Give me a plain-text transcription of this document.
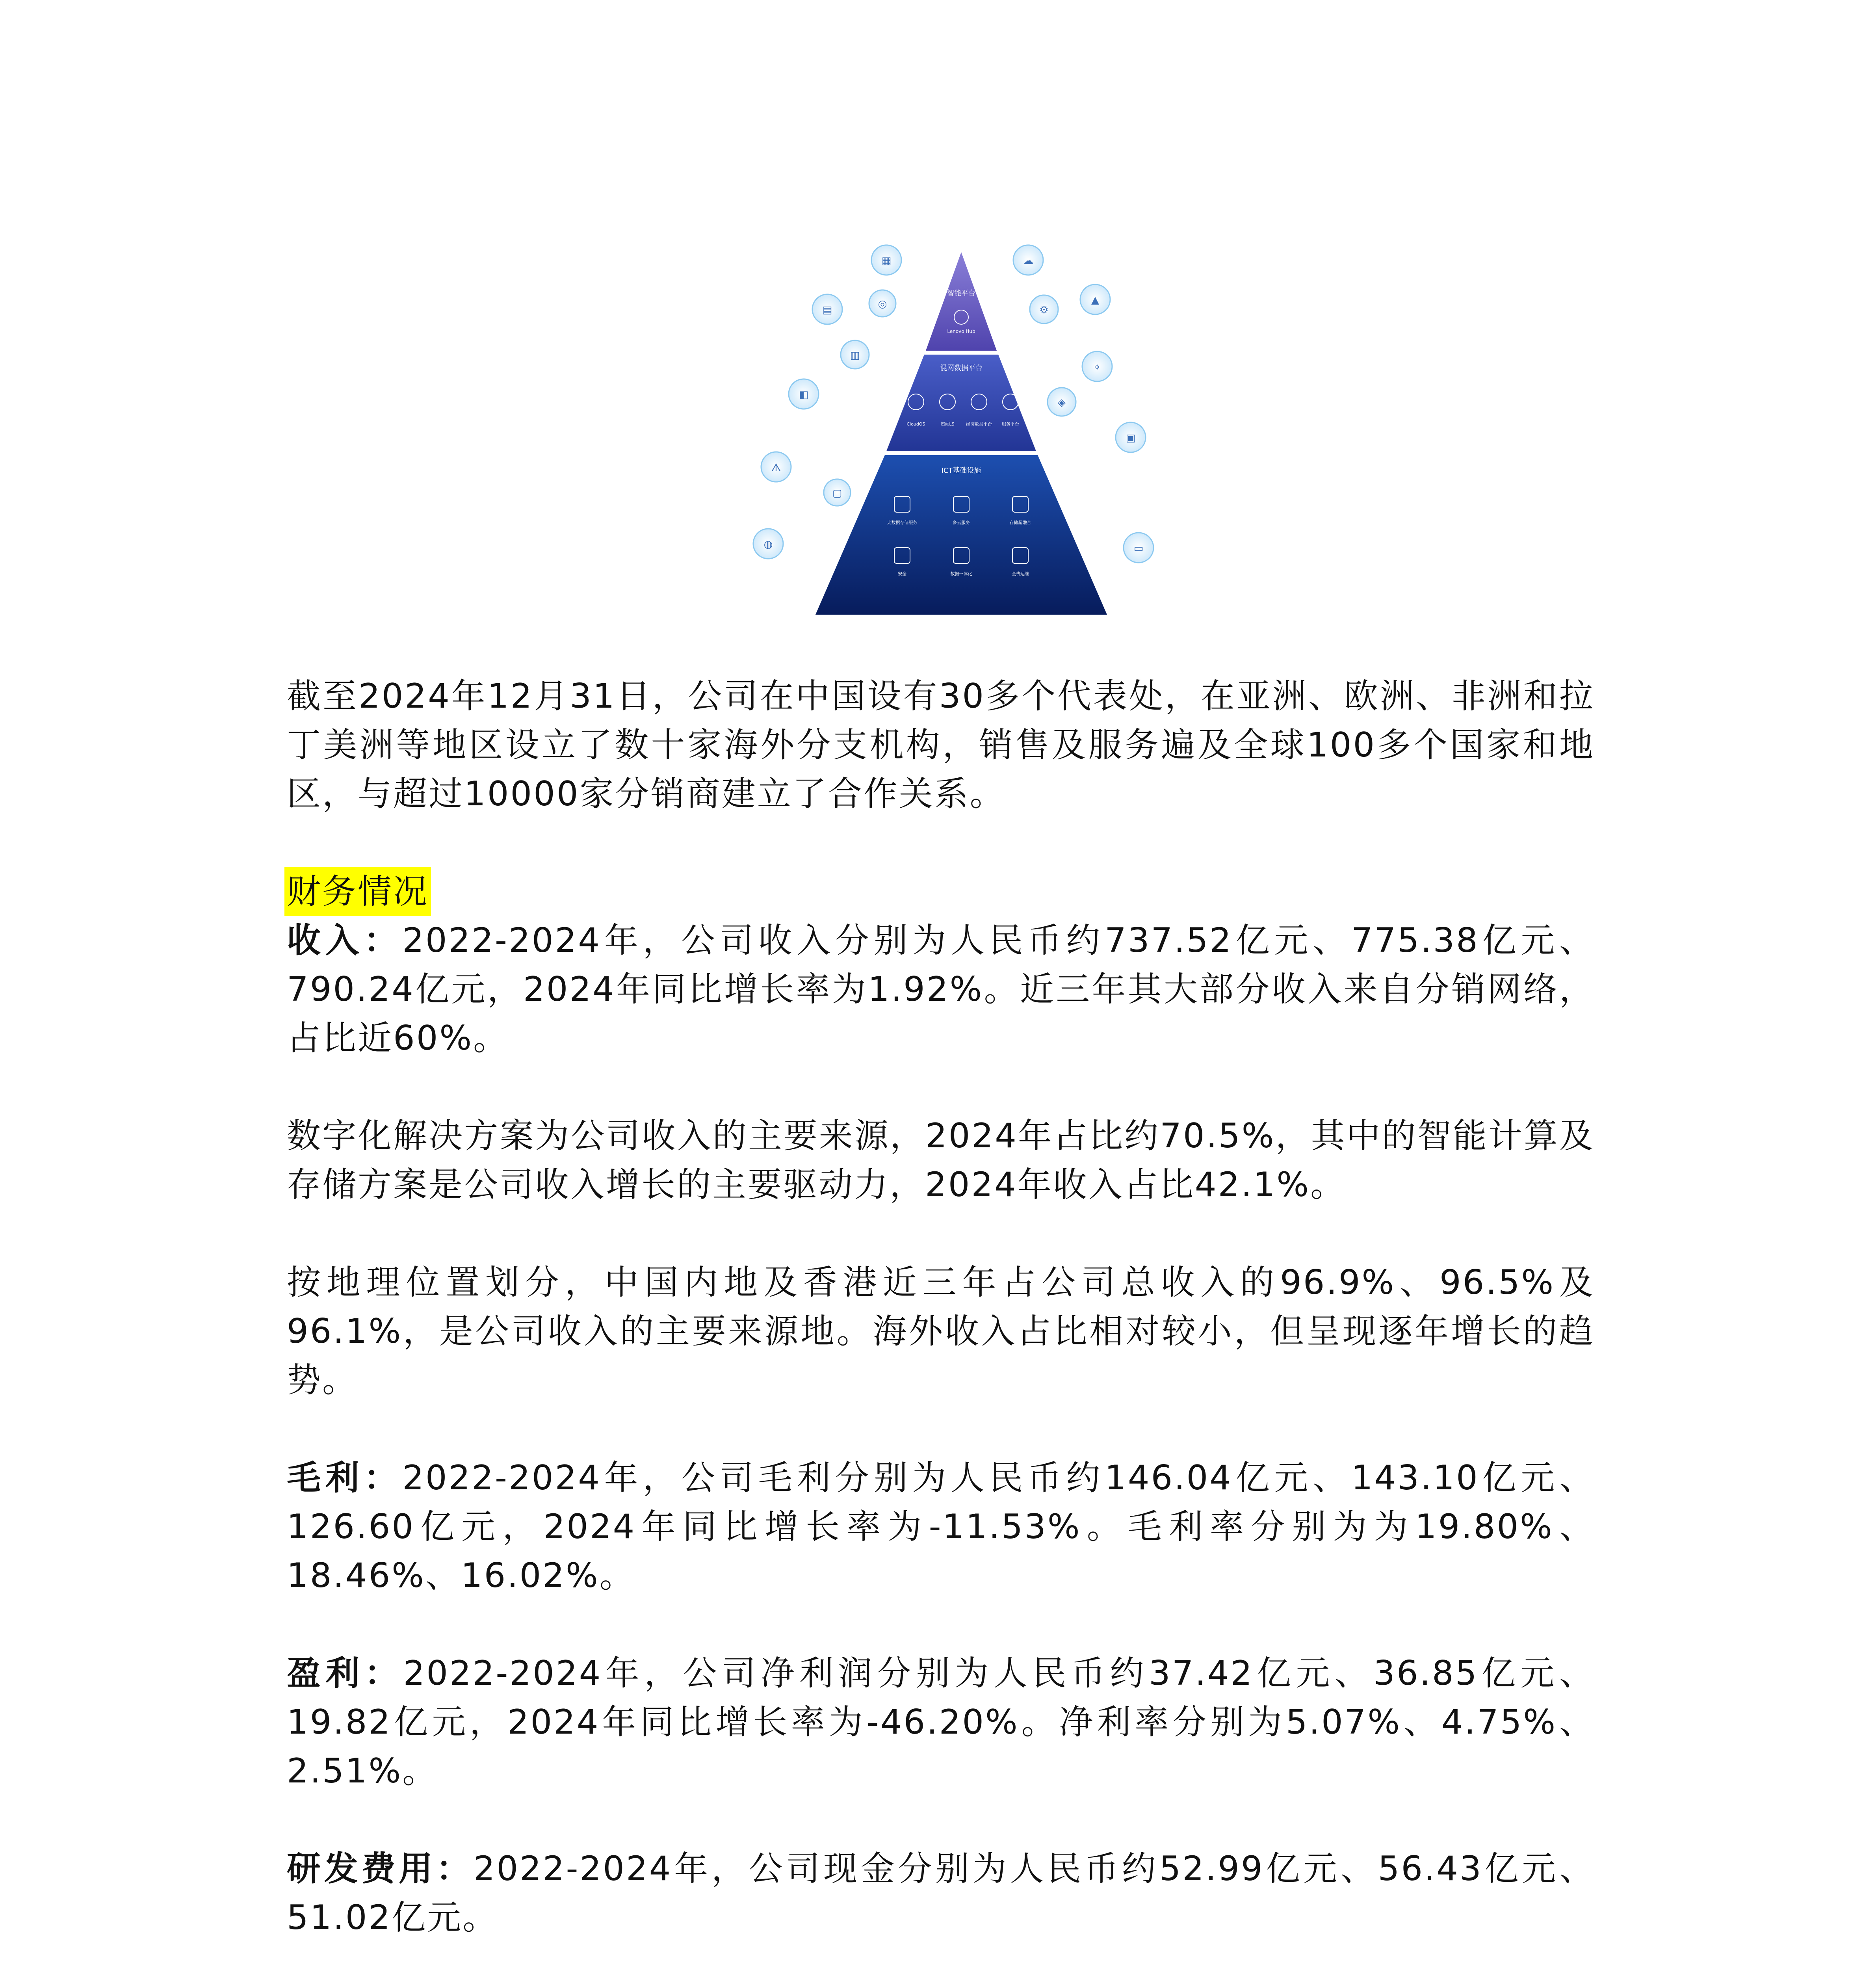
智能平台
Lenovo Hub
混网数据平台
CloudOS	超融LS	经济数据平台 服务平台
ICT基础设施
大数据存储服务	多云服务	存储超融合
安全	数据一体化	全栈运维
▦	☁
▤	◎	⚙
▲
▥
◧
⌖
◈
▣
ᗑ
▢
◍	▭

截至2024年12月31日，公司在中国设有30多个代表处，在亚洲、欧洲、非洲和拉丁美洲等地区设立了数十家海外分支机构，销售及服务遍及全球100多个国家和地区，与超过10000家分销商建立了合作关系。

财务情况

收入：2022-2024年，公司收入分别为人民币约737.52亿元、775.38亿元、790.24亿元，2024年同比增长率为1.92%。近三年其大部分收入来自分销网络，占比近60%。

数字化解决方案为公司收入的主要来源，2024年占比约70.5%，其中的智能计算及存储方案是公司收入增长的主要驱动力，2024年收入占比42.1%。

按地理位置划分，中国内地及香港近三年占公司总收入的96.9%、96.5%及96.1%，是公司收入的主要来源地。海外收入占比相对较小，但呈现逐年增长的趋势。

毛利：2022-2024年，公司毛利分别为人民币约146.04亿元、143.10亿元、126.60亿元，2024年同比增长率为-11.53%。毛利率分别为为19.80%、18.46%、16.02%。

盈利：2022-2024年，公司净利润分别为人民币约37.42亿元、36.85亿元、19.82亿元，2024年同比增长率为-46.20%。净利率分别为5.07%、4.75%、2.51%。

研发费用：2022-2024年，公司现金分别为人民币约52.99亿元、56.43亿元、51.02亿元。
